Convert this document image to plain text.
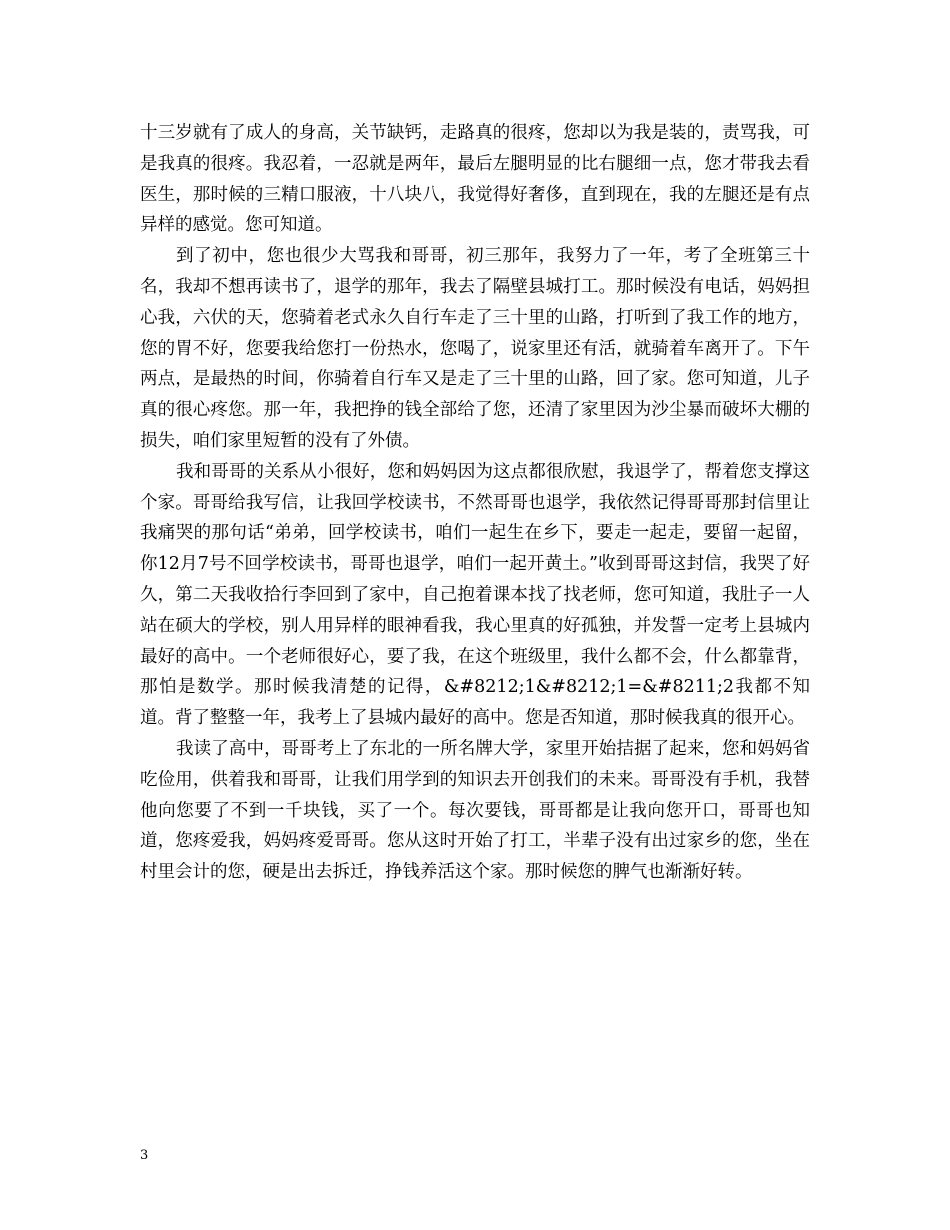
十三岁就有了成人的身高，关节缺钙，走路真的很疼，您却以为我是装的，责骂我，可是我真的很疼。我忍着，一忍就是两年，最后左腿明显的比右腿细一点，您才带我去看医生，那时候的三精口服液，十八块八，我觉得好奢侈，直到现在，我的左腿还是有点异样的感觉。您可知道。

到了初中，您也很少大骂我和哥哥，初三那年，我努力了一年，考了全班第三十名，我却不想再读书了，退学的那年，我去了隔壁县城打工。那时候没有电话，妈妈担心我，六伏的天，您骑着老式永久自行车走了三十里的山路，打听到了我工作的地方，您的胃不好，您要我给您打一份热水，您喝了，说家里还有活，就骑着车离开了。下午两点，是最热的时间，你骑着自行车又是走了三十里的山路，回了家。您可知道，儿子真的很心疼您。那一年，我把挣的钱全部给了您，还清了家里因为沙尘暴而破坏大棚的损失，咱们家里短暂的没有了外债。

我和哥哥的关系从小很好，您和妈妈因为这点都很欣慰，我退学了，帮着您支撑这个家。哥哥给我写信，让我回学校读书，不然哥哥也退学，我依然记得哥哥那封信里让我痛哭的那句话“弟弟，回学校读书，咱们一起生在乡下，要走一起走，要留一起留，你12月7号不回学校读书，哥哥也退学，咱们一起开黄土。”收到哥哥这封信，我哭了好久，第二天我收拾行李回到了家中，自己抱着课本找了找老师，您可知道，我肚子一人站在硕大的学校，别人用异样的眼神看我，我心里真的好孤独，并发誓一定考上县城内最好的高中。一个老师很好心，要了我，在这个班级里，我什么都不会，什么都靠背，那怕是数学。那时候我清楚的记得，&#8212;1&#8212;1=&#8211;2我都不知道。背了整整一年，我考上了县城内最好的高中。您是否知道，那时候我真的很开心。

我读了高中，哥哥考上了东北的一所名牌大学，家里开始拮据了起来，您和妈妈省吃俭用，供着我和哥哥，让我们用学到的知识去开创我们的未来。哥哥没有手机，我替他向您要了不到一千块钱，买了一个。每次要钱，哥哥都是让我向您开口，哥哥也知道，您疼爱我，妈妈疼爱哥哥。您从这时开始了打工，半辈子没有出过家乡的您，坐在村里会计的您，硬是出去拆迁，挣钱养活这个家。那时候您的脾气也渐渐好转。

3
